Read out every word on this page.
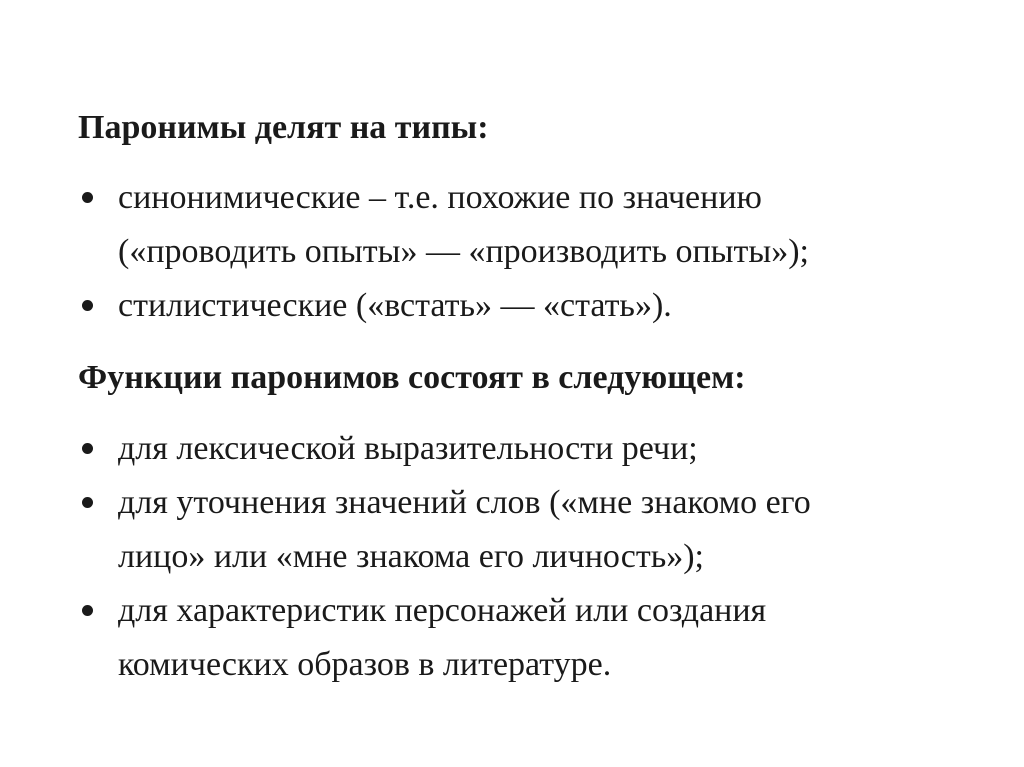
Паронимы делят на типы:
синонимические – т.е. похожие по значению
(«проводить опыты» — «производить опыты»);
стилистические («встать» — «стать»).
Функции паронимов состоят в следующем:
для лексической выразительности речи;
для уточнения значений слов («мне знакомо его
лицо» или «мне знакома его личность»);
для характеристик персонажей или создания
комических образов в литературе.
